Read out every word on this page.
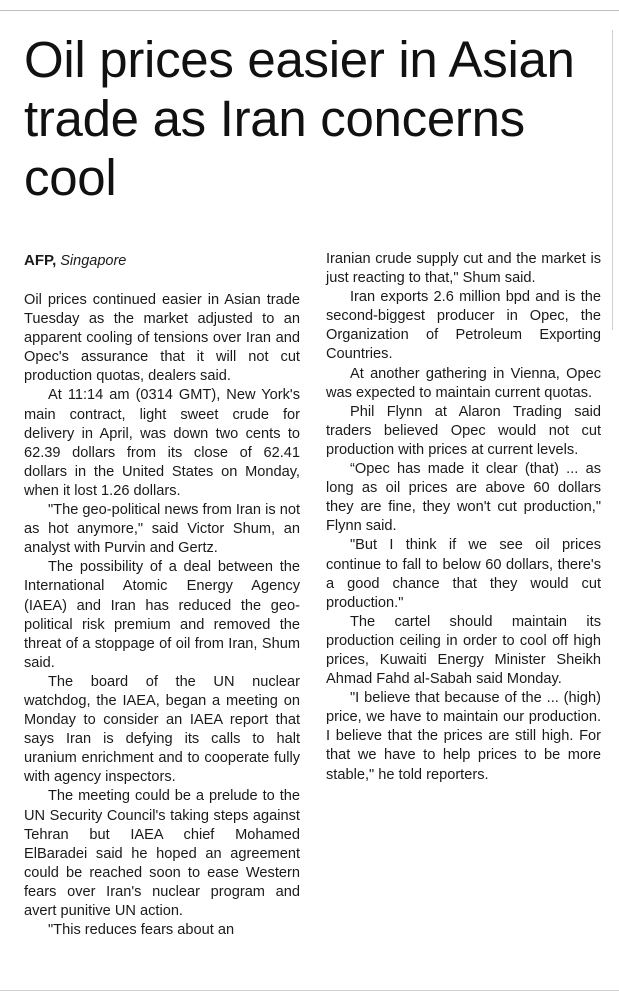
Oil prices easier in Asian trade as Iran concerns cool
AFP, Singapore

Oil prices continued easier in Asian trade Tuesday as the market adjusted to an apparent cooling of tensions over Iran and Opec's assurance that it will not cut production quotas, dealers said.

At 11:14 am (0314 GMT), New York's main contract, light sweet crude for delivery in April, was down two cents to 62.39 dollars from its close of 62.41 dollars in the United States on Monday, when it lost 1.26 dollars.

"The geo-political news from Iran is not as hot anymore," said Victor Shum, an analyst with Purvin and Gertz.

The possibility of a deal between the International Atomic Energy Agency (IAEA) and Iran has reduced the geo-political risk premium and removed the threat of a stoppage of oil from Iran, Shum said.

The board of the UN nuclear watchdog, the IAEA, began a meeting on Monday to consider an IAEA report that says Iran is defying its calls to halt uranium enrichment and to cooperate fully with agency inspectors.

The meeting could be a prelude to the UN Security Council's taking steps against Tehran but IAEA chief Mohamed ElBaradei said he hoped an agreement could be reached soon to ease Western fears over Iran's nuclear program and avert punitive UN action.

"This reduces fears about an

Iranian crude supply cut and the market is just reacting to that," Shum said.

Iran exports 2.6 million bpd and is the second-biggest producer in Opec, the Organization of Petroleum Exporting Countries.

At another gathering in Vienna, Opec was expected to maintain current quotas.

Phil Flynn at Alaron Trading said traders believed Opec would not cut production with prices at current levels.

“Opec has made it clear (that) ... as long as oil prices are above 60 dollars they are fine, they won't cut production," Flynn said.

"But I think if we see oil prices continue to fall to below 60 dollars, there's a good chance that they would cut production."

The cartel should maintain its production ceiling in order to cool off high prices, Kuwaiti Energy Minister Sheikh Ahmad Fahd al-Sabah said Monday.

"I believe that because of the ... (high) price, we have to maintain our production. I believe that the prices are still high. For that we have to help prices to be more stable," he told reporters.
